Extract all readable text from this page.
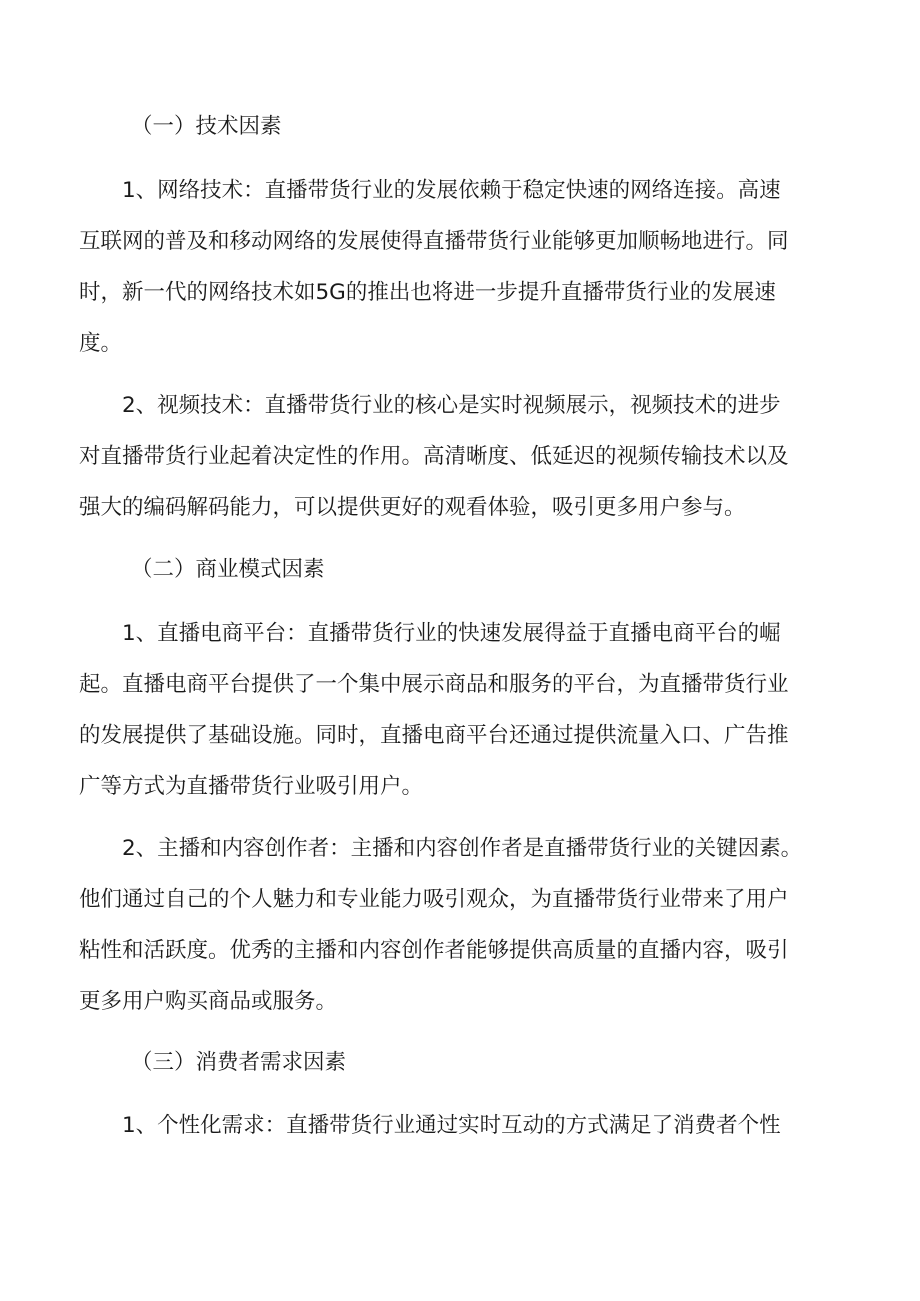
（一）技术因素
1、网络技术：直播带货行业的发展依赖于稳定快速的网络连接。高速
互联网的普及和移动网络的发展使得直播带货行业能够更加顺畅地进行。同
时，新一代的网络技术如5G的推出也将进一步提升直播带货行业的发展速
度。
2、视频技术：直播带货行业的核心是实时视频展示，视频技术的进步
对直播带货行业起着决定性的作用。高清晰度、低延迟的视频传输技术以及
强大的编码解码能力，可以提供更好的观看体验，吸引更多用户参与。
（二）商业模式因素
1、直播电商平台：直播带货行业的快速发展得益于直播电商平台的崛
起。直播电商平台提供了一个集中展示商品和服务的平台，为直播带货行业
的发展提供了基础设施。同时，直播电商平台还通过提供流量入口、广告推
广等方式为直播带货行业吸引用户。
2、主播和内容创作者：主播和内容创作者是直播带货行业的关键因素。
他们通过自己的个人魅力和专业能力吸引观众，为直播带货行业带来了用户
粘性和活跃度。优秀的主播和内容创作者能够提供高质量的直播内容，吸引
更多用户购买商品或服务。
（三）消费者需求因素
1、个性化需求：直播带货行业通过实时互动的方式满足了消费者个性
